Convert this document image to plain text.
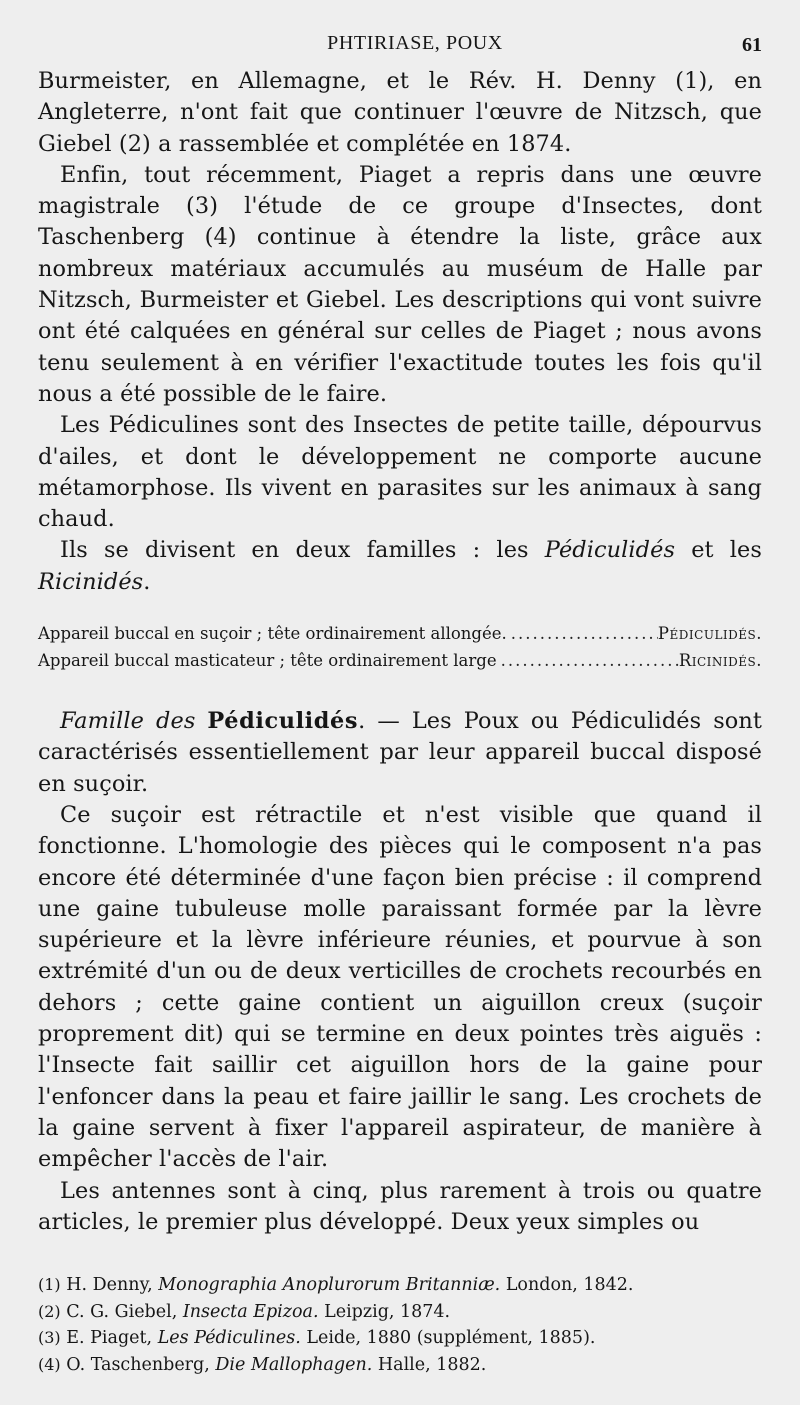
PHTIRIASE, POUX	61

Burmeister, en Allemagne, et le Rév. H. Denny (1), en Angleterre, n'ont fait que continuer l'œuvre de Nitzsch, que Giebel (2) a rassemblée et complétée en 1874.

Enfin, tout récemment, Piaget a repris dans une œuvre magistrale (3) l'étude de ce groupe d'Insectes, dont Taschenberg (4) continue à étendre la liste, grâce aux nombreux matériaux accumulés au muséum de Halle par Nitzsch, Burmeister et Giebel. Les descriptions qui vont suivre ont été calquées en général sur celles de Piaget ; nous avons tenu seulement à en vérifier l'exactitude toutes les fois qu'il nous a été possible de le faire.

Les Pédiculines sont des Insectes de petite taille, dépourvus d'ailes, et dont le développement ne comporte aucune métamorphose. Ils vivent en parasites sur les animaux à sang chaud.

Ils se divisent en deux familles : les Pédiculidés et les Ricinidés.

Appareil buccal en suçoir ; tête ordinairement allongée. .....	Pédiculidés.
Appareil buccal masticateur ; tête ordinairement large .....	Ricinidés.

Famille des Pédiculidés. — Les Poux ou Pédiculidés sont caractérisés essentiellement par leur appareil buccal disposé en suçoir.

Ce suçoir est rétractile et n'est visible que quand il fonctionne. L'homologie des pièces qui le composent n'a pas encore été déterminée d'une façon bien précise : il comprend une gaine tubuleuse molle paraissant formée par la lèvre supérieure et la lèvre inférieure réunies, et pourvue à son extrémité d'un ou de deux verticilles de crochets recourbés en dehors ; cette gaine contient un aiguillon creux (suçoir proprement dit) qui se termine en deux pointes très aiguës : l'Insecte fait saillir cet aiguillon hors de la gaine pour l'enfoncer dans la peau et faire jaillir le sang. Les crochets de la gaine servent à fixer l'appareil aspirateur, de manière à empêcher l'accès de l'air.

Les antennes sont à cinq, plus rarement à trois ou quatre articles, le premier plus développé. Deux yeux simples ou

(1) H. Denny, Monographia Anoplurorum Britanniæ. London, 1842.
(2) C. G. Giebel, Insecta Epizoa. Leipzig, 1874.
(3) E. Piaget, Les Pédiculines. Leide, 1880 (supplément, 1885).
(4) O. Taschenberg, Die Mallophagen. Halle, 1882.
